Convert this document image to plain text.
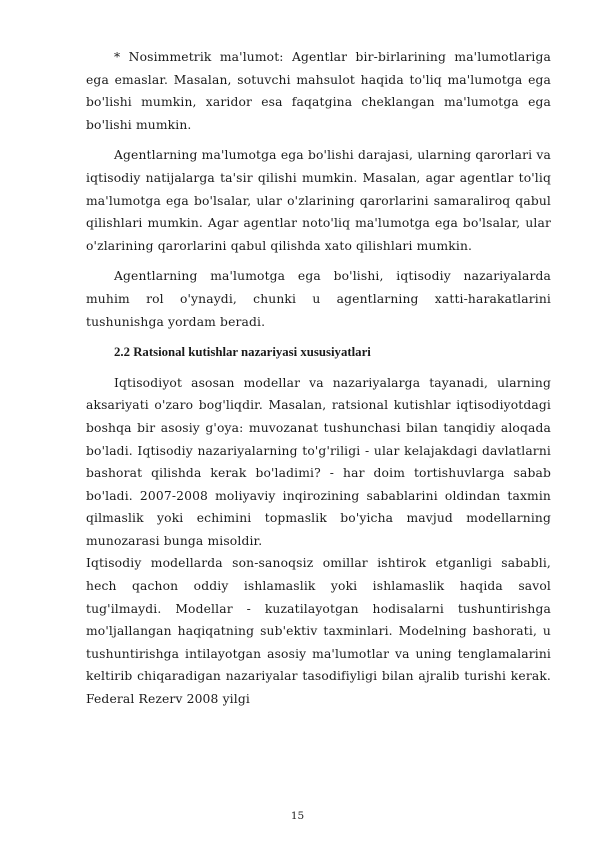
* Nosimmetrik ma'lumot: Agentlar bir-birlarining ma'lumotlariga ega emaslar. Masalan, sotuvchi mahsulot haqida to'liq ma'lumotga ega bo'lishi mumkin, xaridor esa faqatgina cheklangan ma'lumotga ega bo'lishi mumkin.

Agentlarning ma'lumotga ega bo'lishi darajasi, ularning qarorlari va iqtisodiy natijalarga ta'sir qilishi mumkin. Masalan, agar agentlar to'liq ma'lumotga ega bo'lsalar, ular o'zlarining qarorlarini samaraliroq qabul qilishlari mumkin. Agar agentlar noto'liq ma'lumotga ega bo'lsalar, ular o'zlarining qarorlarini qabul qilishda xato qilishlari mumkin.

Agentlarning ma'lumotga ega bo'lishi, iqtisodiy nazariyalarda muhim rol o'ynaydi, chunki u agentlarning xatti-harakatlarini tushunishga yordam beradi.

2.2 Ratsional kutishlar nazariyasi xususiyatlari

Iqtisodiyot asosan modellar va nazariyalarga tayanadi, ularning aksariyati o'zaro bog'liqdir. Masalan, ratsional kutishlar iqtisodiyotdagi boshqa bir asosiy g'oya: muvozanat tushunchasi bilan tanqidiy aloqada bo'ladi. Iqtisodiy nazariyalarning to'g'riligi - ular kelajakdagi davlatlarni bashorat qilishda kerak bo'ladimi? - har doim tortishuvlarga sabab bo'ladi. 2007-2008 moliyaviy inqirozining sabablarini oldindan taxmin qilmaslik yoki echimini topmaslik bo'yicha mavjud modellarning munozarasi bunga misoldir.

Iqtisodiy modellarda son-sanoqsiz omillar ishtirok etganligi sababli, hech qachon oddiy ishlamaslik yoki ishlamaslik haqida savol tug'ilmaydi. Modellar - kuzatilayotgan hodisalarni tushuntirishga mo'ljallangan haqiqatning sub'ektiv taxminlari. Modelning bashorati, u tushuntirishga intilayotgan asosiy ma'lumotlar va uning tenglamalarini keltirib chiqaradigan nazariyalar tasodifiyligi bilan ajralib turishi kerak. Federal Rezerv 2008 yilgi

15
